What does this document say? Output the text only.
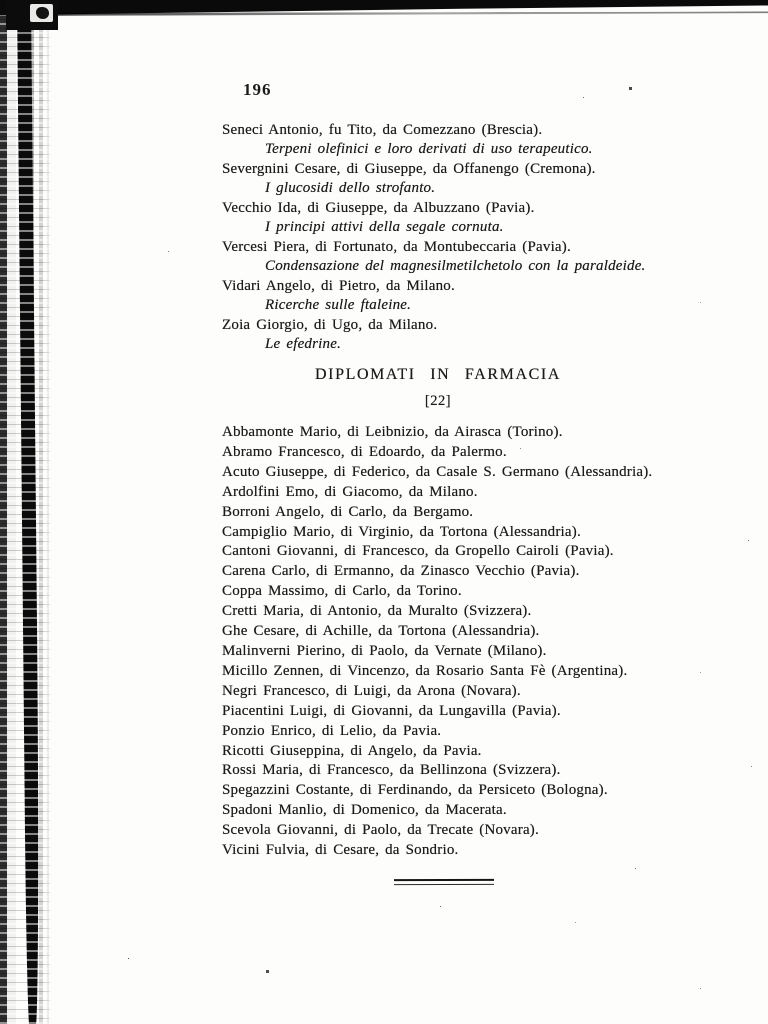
196
Seneci Antonio, fu Tito, da Comezzano (Brescia).
Terpeni olefinici e loro derivati di uso terapeutico.
Severgnini Cesare, di Giuseppe, da Offanengo (Cremona).
I glucosidi dello strofanto.
Vecchio Ida, di Giuseppe, da Albuzzano (Pavia).
I principi attivi della segale cornuta.
Vercesi Piera, di Fortunato, da Montubeccaria (Pavia).
Condensazione del magnesilmetilchetolo con la paraldeide.
Vidari Angelo, di Pietro, da Milano.
Ricerche sulle ftaleine.
Zoia Giorgio, di Ugo, da Milano.
Le efedrine.
DIPLOMATI IN FARMACIA
[22]
Abbamonte Mario, di Leibnizio, da Airasca (Torino).
Abramo Francesco, di Edoardo, da Palermo.
Acuto Giuseppe, di Federico, da Casale S. Germano (Alessandria).
Ardolfini Emo, di Giacomo, da Milano.
Borroni Angelo, di Carlo, da Bergamo.
Campiglio Mario, di Virginio, da Tortona (Alessandria).
Cantoni Giovanni, di Francesco, da Gropello Cairoli (Pavia).
Carena Carlo, di Ermanno, da Zinasco Vecchio (Pavia).
Coppa Massimo, di Carlo, da Torino.
Cretti Maria, di Antonio, da Muralto (Svizzera).
Ghe Cesare, di Achille, da Tortona (Alessandria).
Malinverni Pierino, di Paolo, da Vernate (Milano).
Micillo Zennen, di Vincenzo, da Rosario Santa Fè (Argentina).
Negri Francesco, di Luigi, da Arona (Novara).
Piacentini Luigi, di Giovanni, da Lungavilla (Pavia).
Ponzio Enrico, di Lelio, da Pavia.
Ricotti Giuseppina, di Angelo, da Pavia.
Rossi Maria, di Francesco, da Bellinzona (Svizzera).
Spegazzini Costante, di Ferdinando, da Persiceto (Bologna).
Spadoni Manlio, di Domenico, da Macerata.
Scevola Giovanni, di Paolo, da Trecate (Novara).
Vicini Fulvia, di Cesare, da Sondrio.
